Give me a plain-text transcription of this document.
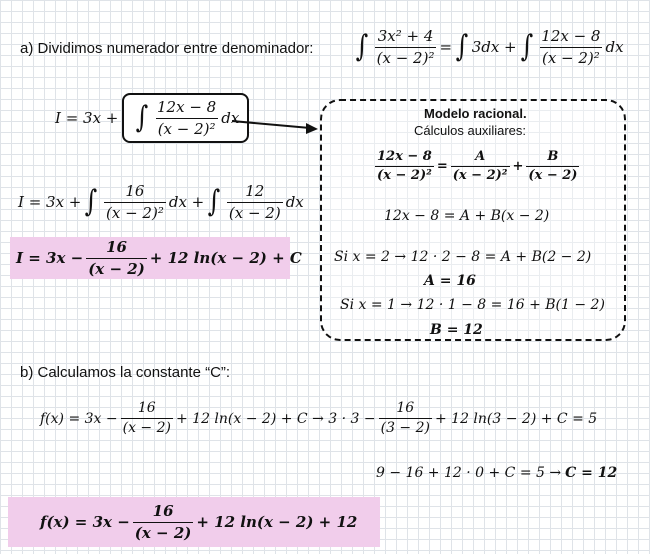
a) Dividimos numerador entre denominador: ∫ $\frac{\text{3x² + 4}}{\text{(x − 2)²}}$ = ∫ 3dx + ∫ $\frac{12x - 8}{\text{(x − 2)²}}$ dx
I = 3x + ∫ $\frac{12x - 8}{\text{(x − 2)²}}$ dx
I = 3x + ∫ $\frac{16}{\text{(x − 2)²}}$ dx + ∫ $\frac{12}{(x - 2)}$ dx
$I = 3x - \frac{16}{(x - 2)} + 12$ ln(x − 2) + C
Modelo racional.
Cálculos auxiliares:
$\frac{12x - 8}{\text{(x − 2)²}} = \frac{A}{\text{(x − 2)²}} + \frac{B}{(x - 2)}$
12x − 8 = A + B(x − 2)
Si x = 2 → 12 · 2 − 8 = A + B(2 − 2)
A = 16
Si x = 1 → 12 · 1 − 8 = 16 + B(1 − 2)
B = 12
b) Calculamos la constante “C”:
$f(x) = 3x - \frac{16}{(x - 2)} + 12$ $\ln(x - 2) + C \to 3 \cdot 3 - \frac{16}{(3 - 2)} + 12$ ln(3 − 2) + C = 5
9 − 16 + 12 · 0 + C = 5 → C = 12
$f(x) = 3x - \frac{16}{(x - 2)} + 12$ ln(x − 2) + 12
